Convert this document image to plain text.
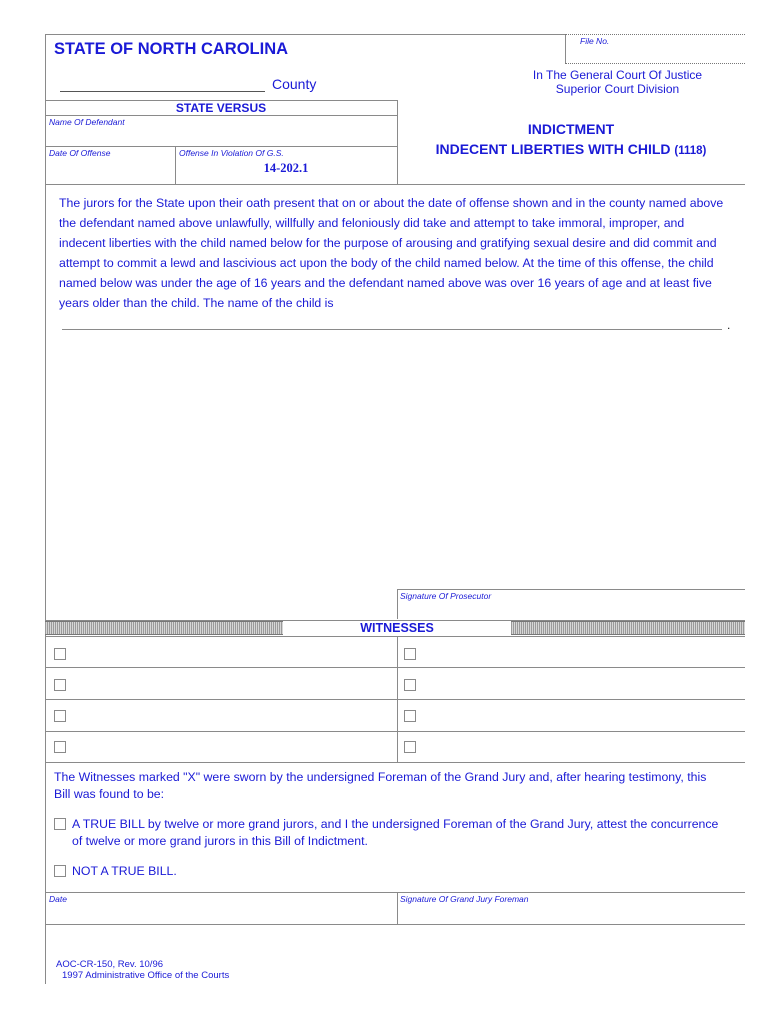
File No.
STATE OF NORTH CAROLINA
County
In The General Court Of Justice
Superior Court Division
STATE VERSUS
Name Of Defendant
Date Of Offense	Offense In Violation Of G.S.
14-202.1
INDICTMENT
INDECENT LIBERTIES WITH CHILD (1118)
The jurors for the State upon their oath present that on or about the date of offense shown and in the county named above
the defendant named above unlawfully, willfully and feloniously did take and attempt to take immoral, improper, and
indecent liberties with the child named below for the purpose of arousing and gratifying sexual desire and did commit and
attempt to commit a lewd and lascivious act upon the body of the child named below. At the time of this offense, the child
named below was under the age of 16 years and the defendant named above was over 16 years of age and at least five
years older than the child. The name of the child is
.
Signature Of Prosecutor
WITNESSES
The Witnesses marked "X" were sworn by the undersigned Foreman of the Grand Jury and, after hearing testimony, this
Bill was found to be:
A TRUE BILL by twelve or more grand jurors, and I the undersigned Foreman of the Grand Jury, attest the concurrence
of twelve or more grand jurors in this Bill of Indictment.
NOT A TRUE BILL.
Date	Signature Of Grand Jury Foreman
AOC-CR-150, Rev. 10/96
1997 Administrative Office of the Courts
